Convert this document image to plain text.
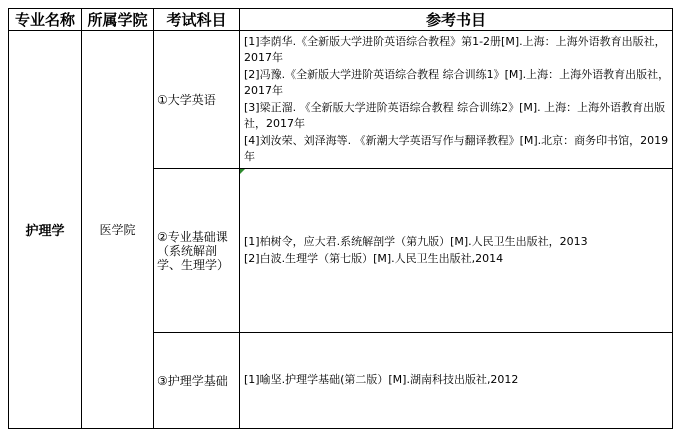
专业名称	所属学院	考试科目	参考书目
护理学	医学院	①大学英语	[1]李荫华.《全新版大学进阶英语综合教程》第1-2册[M].上海：上海外语教育出版社，2017年
[2]冯豫.《全新版大学进阶英语综合教程 综合训练1》[M].上海：上海外语教育出版社，2017年
[3]梁正溜. 《全新版大学进阶英语综合教程 综合训练2》[M]. 上海：上海外语教育出版社，2017年
[4]刘汝荣、刘泽海等. 《新潮大学英语写作与翻译教程》[M].北京：商务印书馆，2019年

		②专业基础课（系统解剖学、生理学）	[1]柏树令，应大君.系统解剖学（第九版）[M].人民卫生出版社，2013
[2]白波.生理学（第七版）[M].人民卫生出版社,2014

		③护理学基础	[1]喻坚.护理学基础(第二版）[M].湖南科技出版社,2012
